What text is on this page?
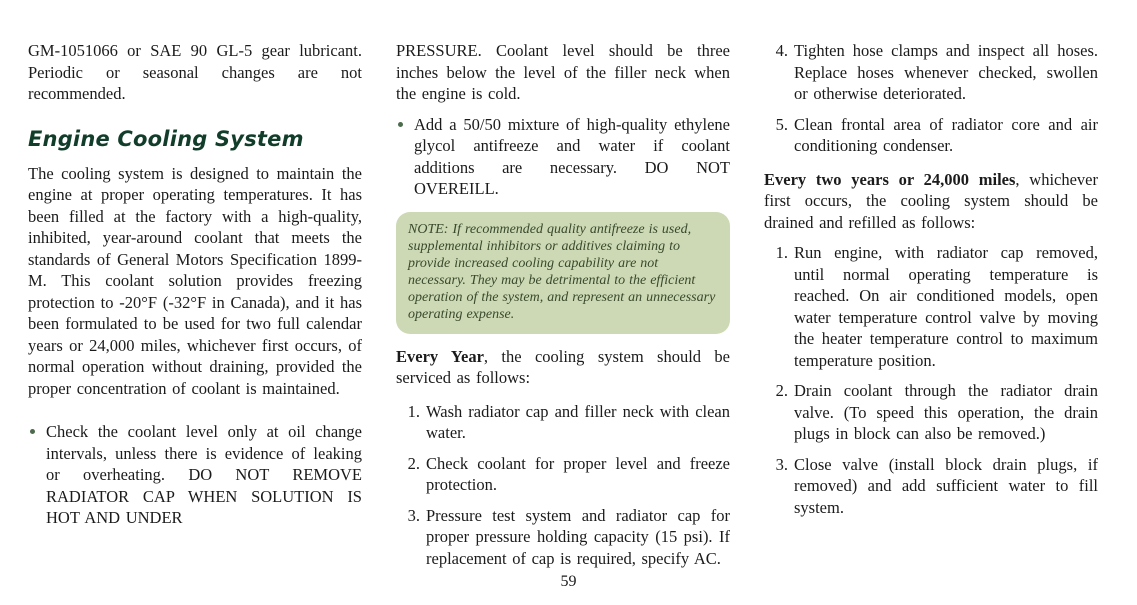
GM-1051066 or SAE 90 GL-5 gear lubricant. Periodic or seasonal changes are not recommended.

Engine Cooling System

The cooling system is designed to maintain the engine at proper operating temperatures. It has been filled at the factory with a high-quality, inhibited, year-around coolant that meets the standards of General Motors Specification 1899-M. This coolant solution provides freezing protection to -20°F (-32°F in Canada), and it has been formulated to be used for two full calendar years or 24,000 miles, whichever first occurs, of normal operation without draining, provided the proper concentration of coolant is maintained.

Check the coolant level only at oil change intervals, unless there is evidence of leaking or overheating. DO NOT REMOVE RADIATOR CAP WHEN SOLUTION IS HOT AND UNDER

PRESSURE. Coolant level should be three inches below the level of the filler neck when the engine is cold.

Add a 50/50 mixture of high-quality ethylene glycol antifreeze and water if coolant additions are necessary. DO NOT OVEREILL.

NOTE: If recommended quality antifreeze is used, supplemental inhibitors or additives claiming to provide increased cooling capability are not necessary. They may be detrimental to the efficient operation of the system, and represent an unnecessary operating expense.

Every Year, the cooling system should be serviced as follows:

1. Wash radiator cap and filler neck with clean water.
2. Check coolant for proper level and freeze protection.
3. Pressure test system and radiator cap for proper pressure holding capacity (15 psi). If replacement of cap is required, specify AC.
4. Tighten hose clamps and inspect all hoses. Replace hoses whenever checked, swollen or otherwise deteriorated.
5. Clean frontal area of radiator core and air conditioning condenser.

Every two years or 24,000 miles, whichever first occurs, the cooling system should be drained and refilled as follows:

1. Run engine, with radiator cap removed, until normal operating temperature is reached. On air conditioned models, open water temperature control valve by moving the heater temperature control to maximum temperature position.
2. Drain coolant through the radiator drain valve. (To speed this operation, the drain plugs in block can also be removed.)
3. Close valve (install block drain plugs, if removed) and add sufficient water to fill system.
59
